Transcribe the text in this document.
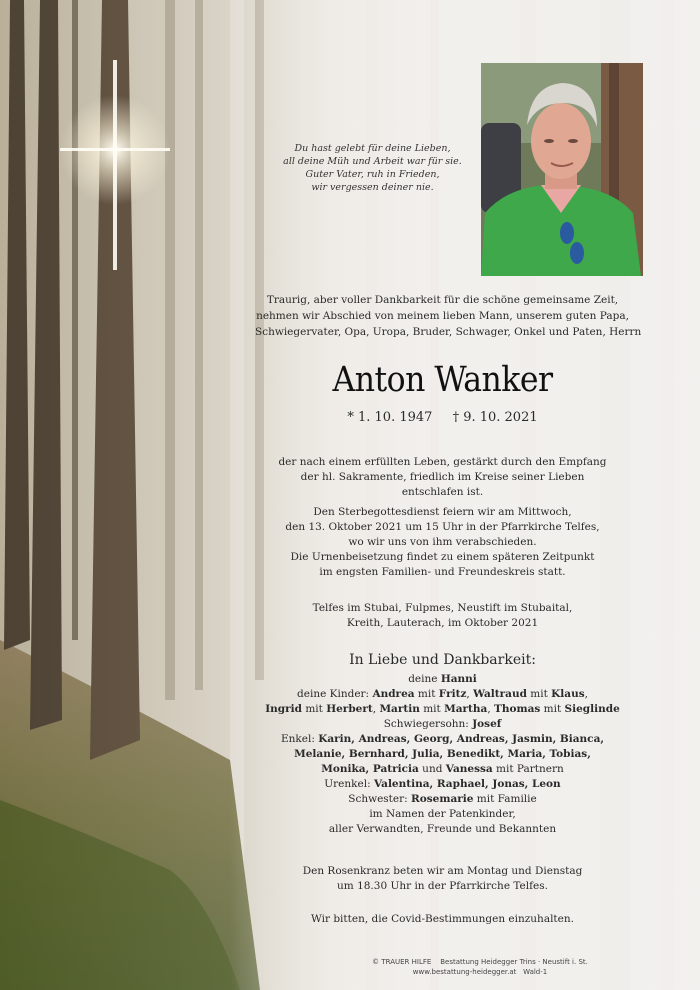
Du hast gelebt für deine Lieben,
all deine Müh und Arbeit war für sie.
Guter Vater, ruh in Frieden,
wir vergessen deiner nie.
Traurig, aber voller Dankbarkeit für die schöne gemeinsame Zeit,
nehmen wir Abschied von meinem lieben Mann, unserem guten Papa,
Schwiegervater, Opa, Uropa, Bruder, Schwager, Onkel und Paten, Herrn
Anton Wanker
* 1. 10. 1947 † 9. 10. 2021
der nach einem erfüllten Leben, gestärkt durch den Empfang
der hl. Sakramente, friedlich im Kreise seiner Lieben
entschlafen ist.
Den Sterbegottesdienst feiern wir am Mittwoch,
den 13. Oktober 2021 um 15 Uhr in der Pfarrkirche Telfes,
wo wir uns von ihm verabschieden.
Die Urnenbeisetzung findet zu einem späteren Zeitpunkt
im engsten Familien- und Freundeskreis statt.
Telfes im Stubai, Fulpmes, Neustift im Stubaital,
Kreith, Lauterach, im Oktober 2021
In Liebe und Dankbarkeit:
deine Hanni
deine Kinder: Andrea mit Fritz, Waltraud mit Klaus,
Ingrid mit Herbert, Martin mit Martha, Thomas mit Sieglinde
Schwiegersohn: Josef
Enkel: Karin, Andreas, Georg, Andreas, Jasmin, Bianca,
Melanie, Bernhard, Julia, Benedikt, Maria, Tobias,
Monika, Patricia und Vanessa mit Partnern
Urenkel: Valentina, Raphael, Jonas, Leon
Schwester: Rosemarie mit Familie
im Namen der Patenkinder,
aller Verwandten, Freunde und Bekannten
Den Rosenkranz beten wir am Montag und Dienstag
um 18.30 Uhr in der Pfarrkirche Telfes.
Wir bitten, die Covid-Bestimmungen einzuhalten.
© TRAUER HILFE Bestattung Heidegger Trins · Neustift i. St.
www.bestattung-heidegger.at Wald-1
